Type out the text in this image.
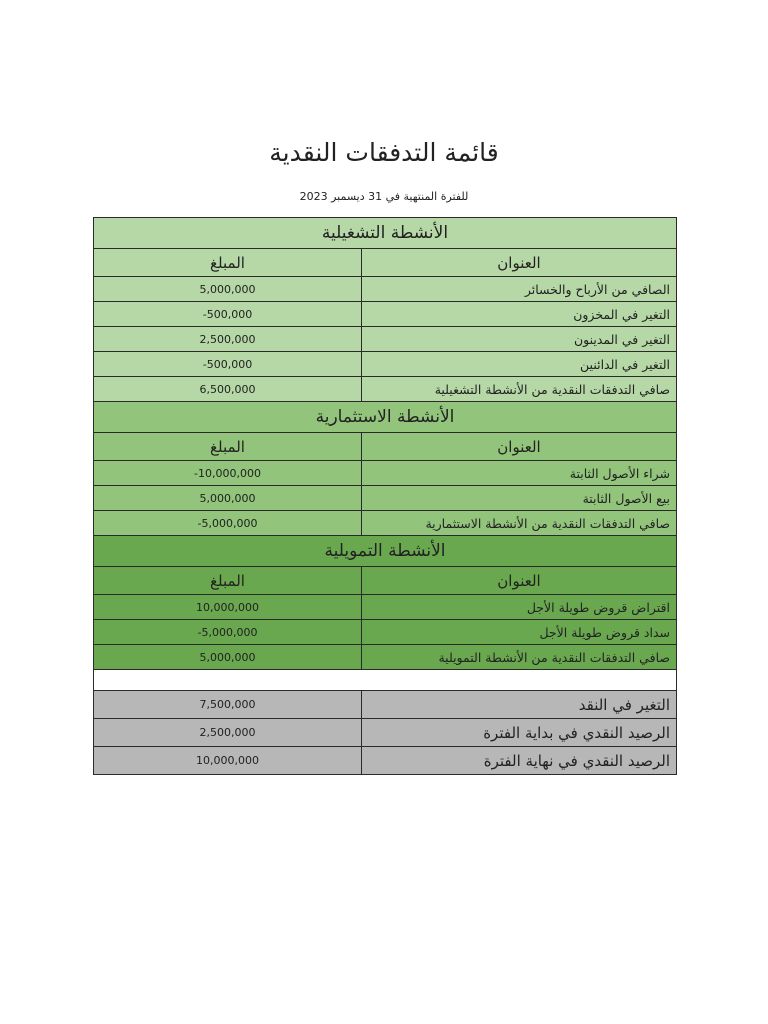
قائمة التدفقات النقدية
للفترة المنتهية في 31 ديسمبر 2023
الأنشطة التشغيلية	
العنوان	المبلغ
الصافي من الأرباح والخسائر	5,000,000
التغير في المخزون	-500,000
التغير في المدينون	2,500,000
التغير في الدائنين	-500,000
صافي التدفقات النقدية من الأنشطة التشغيلية	6,500,000
الأنشطة الاستثمارية	
العنوان	المبلغ
شراء الأصول الثابتة	-10,000,000
بيع الأصول الثابتة	5,000,000
صافي التدفقات النقدية من الأنشطة الاستثمارية	-5,000,000
الأنشطة التمويلية	
العنوان	المبلغ
اقتراض قروض طويلة الأجل	10,000,000
سداد قروض طويلة الأجل	-5,000,000
صافي التدفقات النقدية من الأنشطة التمويلية	5,000,000

التغير في النقد	7,500,000
الرصيد النقدي في بداية الفترة	2,500,000
الرصيد النقدي في نهاية الفترة	10,000,000
